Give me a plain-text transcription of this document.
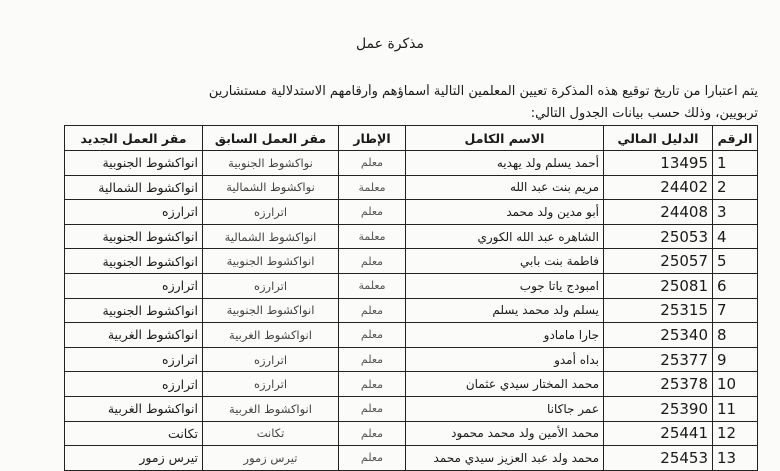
مذكرة عمل
يتم اعتبارا من تاريخ توقيع هذه المذكرة تعيين المعلمين التالية أسماؤهم وأرقامهم الاستدلالية مستشارين
تربويين، وذلك حسب بيانات الجدول التالي:
الرقم	الدليل المالي	الاسم الكامل	الإطار	مقر العمل السابق	مقر العمل الجديد
1	13495	أحمد يسلم ولد يهديه	معلم	نواكشوط الجنوبية	انواكشوط الجنوبية
2	24402	مريم بنت عبد الله	معلمة	نواكشوط الشمالية	انواكشوط الشمالية
3	24408	أبو مدين ولد محمد	معلم	اترارزه	اترارزه
4	25053	الشاهره عبد الله الكوري	معلمة	انواكشوط الشمالية	انواكشوط الجنوبية
5	25057	فاطمة بنت بابي	معلم	انواكشوط الجنوبية	انواكشوط الجنوبية
6	25081	امبودج ياتا جوب	معلمة	اترارزه	اترارزه
7	25315	يسلم ولد محمد يسلم	معلم	انواكشوط الجنوبية	انواكشوط الجنوبية
8	25340	جارا مامادو	معلم	انواكشوط الغربية	انواكشوط الغربية
9	25377	بداه أمدو	معلم	اترارزه	اترارزه
10	25378	محمد المختار سيدي عثمان	معلم	اترارزه	اترارزه
11	25390	عمر جاكانا	معلم	انواكشوط الغربية	انواكشوط الغربية
12	25441	محمد الأمين ولد محمد محمود	معلم	تكانت	تكانت
13	25453	محمد ولد عبد العزيز سيدي محمد	معلم	تيرس زمور	تيرس زمور
